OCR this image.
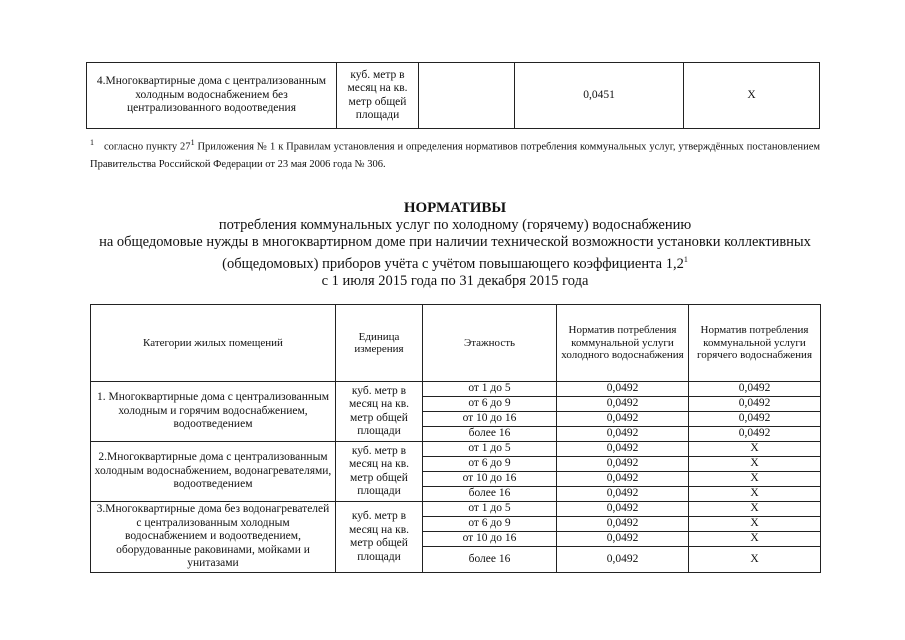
4.Многоквартирные дома с централизованным холодным водоснабжением без централизованного водоотведения	куб. метр в месяц на кв. метр общей площади		0,0451	X
$^1$ согласно пункту $27^1$ Приложения № 1 к Правилам установления и определения нормативов потребления коммунальных услуг, утверждённых постановлением Правительства Российской Федерации от 23 мая 2006 года № 306.
НОРМАТИВЫ
потребления коммунальных услуг по холодному (горячему) водоснабжению
на общедомовые нужды в многоквартирном доме при наличии технической возможности установки коллективных
(общедомовых) приборов учёта с учётом повышающего коэффициента $1,2^1$
с 1 июля 2015 года по 31 декабря 2015 года
Категории жилых помещений	Единица измерения	Этажность	Норматив потребления коммунальной услуги холодного водоснабжения	Норматив потребления коммунальной услуги горячего водоснабжения
1. Многоквартирные дома с централизованным холодным и горячим водоснабжением, водоотведением	куб. метр в месяц на кв. метр общей площади	от 1 до 5	0,0492	0,0492
		от 6 до 9	0,0492	0,0492
		от 10 до 16	0,0492	0,0492
		более 16	0,0492	0,0492
2.Многоквартирные дома с централизованным холодным водоснабжением, водонагревателями, водоотведением	куб. метр в месяц на кв. метр общей площади	от 1 до 5	0,0492	X
		от 6 до 9	0,0492	X
		от 10 до 16	0,0492	X
		более 16	0,0492	X
3.Многоквартирные дома без водонагревателей с централизованным холодным водоснабжением и водоотведением, оборудованные раковинами, мойками и унитазами	куб. метр в месяц на кв. метр общей площади	от 1 до 5	0,0492	X
		от 6 до 9	0,0492	X
		от 10 до 16	0,0492	X
		более 16	0,0492	X
